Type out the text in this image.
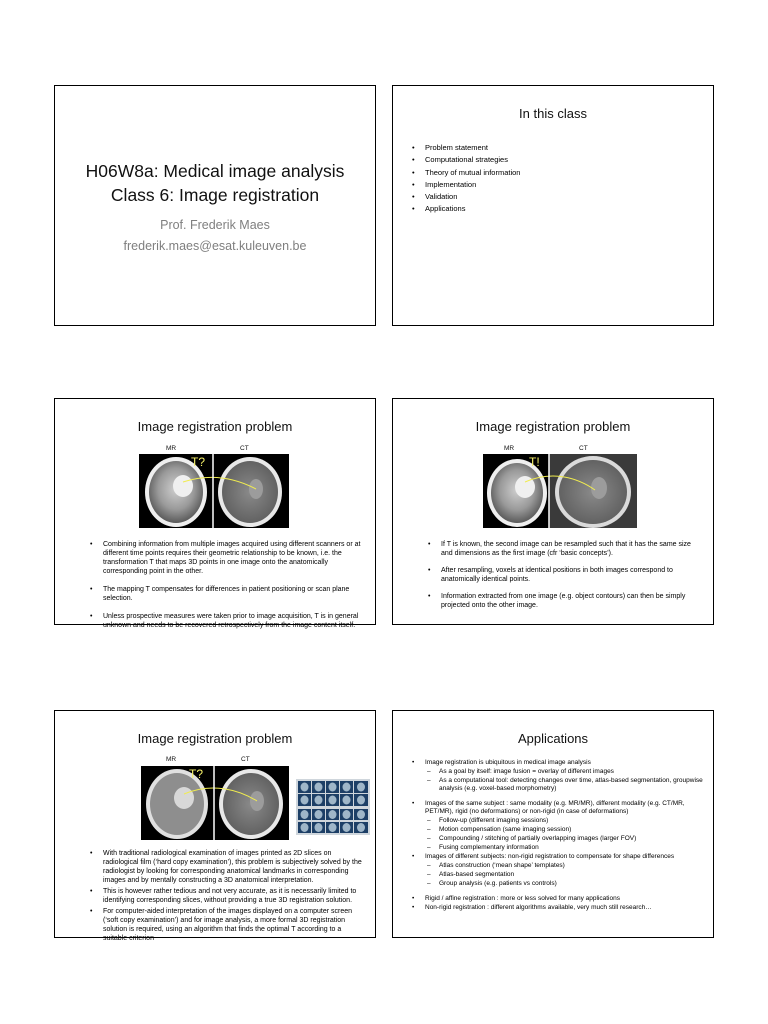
H06W8a: Medical image analysis
Class 6: Image registration
Prof. Frederik Maes
frederik.maes@esat.kuleuven.be
In this class
• Problem statement
• Computational strategies
• Theory of mutual information
• Implementation
• Validation
• Applications
Image registration problem
MR	CT
T?
• Combining information from multiple images acquired using different scanners or at different time points requires their geometric relationship to be known, i.e. the transformation T that maps 3D points in one image onto the anatomically corresponding point in the other.
• The mapping T compensates for differences in patient positioning or scan plane selection.
• Unless prospective measures were taken prior to image acquisition, T is in general unknown and needs to be recovered retrospectively from the image content itself.
Image registration problem
MR	CT
T!
• If T is known, the second image can be resampled such that it has the same size and dimensions as the first image (cfr ‘basic concepts’).
• After resampling, voxels at identical positions in both images correspond to anatomically identical points.
• Information extracted from one image (e.g. object contours) can then be simply projected onto the other image.
Image registration problem
MR	CT
T?
• With traditional radiological examination of images printed as 2D slices on radiological film (‘hard copy examination’), this problem is subjectively solved by the radiologist by looking for corresponding anatomical landmarks in corresponding images and by mentally constructing a 3D anatomical interpretation.
• This is however rather tedious and not very accurate, as it is necessarily limited to identifying corresponding slices, without providing a true 3D registration solution.
• For computer-aided interpretation of the images displayed on a computer screen (‘soft copy examination’) and for image analysis, a more formal 3D registration solution is required, using an algorithm that finds the optimal T according to a suitable criterion
Applications
• Image registration is ubiquitous in medical image analysis
– As a goal by itself: image fusion = overlay of different images
– As a computational tool: detecting changes over time, atlas-based segmentation, groupwise analysis (e.g. voxel-based morphometry)
• Images of the same subject : same modality (e.g. MR/MR), different modality (e.g. CT/MR, PET/MR), rigid (no deformations) or non-rigid (in case of deformations)
– Follow-up (different imaging sessions)
– Motion compensation (same imaging session)
– Compounding / stitching of partially overlapping images (larger FOV)
– Fusing complementary information
• Images of different subjects: non-rigid registration to compensate for shape differences
– Atlas construction (‘mean shape’ templates)
– Atlas-based segmentation
– Group analysis (e.g. patients vs controls)
• Rigid / affine registration : more or less solved for many applications
• Non-rigid registration : different algorithms available, very much still research…
